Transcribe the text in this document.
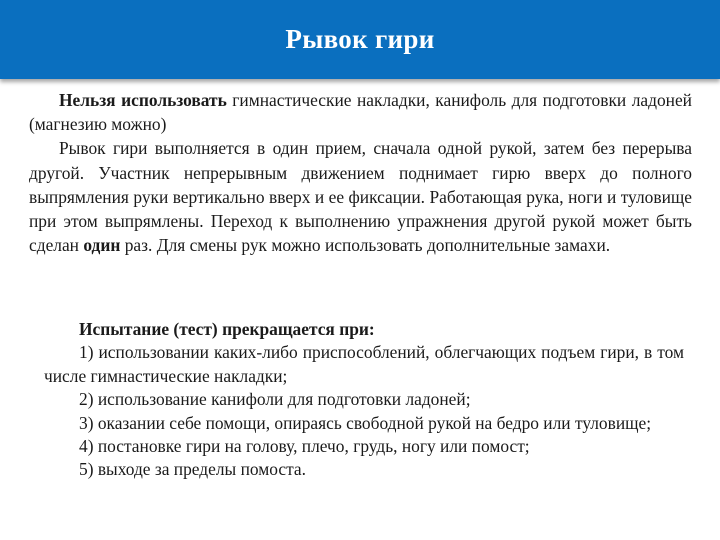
Рывок гири

Нельзя использовать гимнастические накладки, канифоль для подготовки ладоней (магнезию можно)

Рывок гири выполняется в один прием, сначала одной рукой, затем без перерыва другой. Участник непрерывным движением поднимает гирю вверх до полного выпрямления руки вертикально вверх и ее фиксации. Работающая рука, ноги и туловище при этом выпрямлены. Переход к выполнению упражнения другой рукой может быть сделан один раз. Для смены рук можно использовать дополнительные замахи.

Испытание (тест) прекращается при:

1) использовании каких-либо приспособлений, облегчающих подъем гири, в том числе гимнастические накладки;

2) использование канифоли для подготовки ладоней;

3) оказании себе помощи, опираясь свободной рукой на бедро или туловище;

4) постановке гири на голову, плечо, грудь, ногу или помост;

5) выходе за пределы помоста.
